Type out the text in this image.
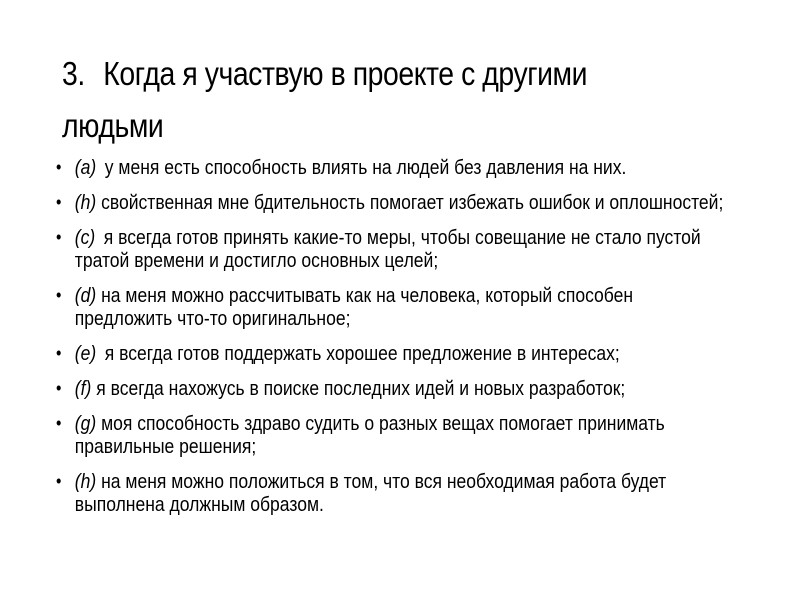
3. Когда я участвую в проекте с другими людьми
• (a) у меня есть способность влиять на людей без давления на них.
• (h) свойственная мне бдительность помогает избежать ошибок и оплошностей;
• (c) я всегда готов принять какие-то меры, чтобы совещание не стало пустой тратой времени и достигло основных целей;
• (d) на меня можно рассчитывать как на человека, который способен предложить что-то оригинальное;
• (e) я всегда готов поддержать хорошее предложение в интересах;
• (f) я всегда нахожусь в поиске последних идей и новых разработок;
• (g) моя способность здраво судить о разных вещах помогает принимать правильные решения;
• (h) на меня можно положиться в том, что вся необходимая работа будет выполнена должным образом.
